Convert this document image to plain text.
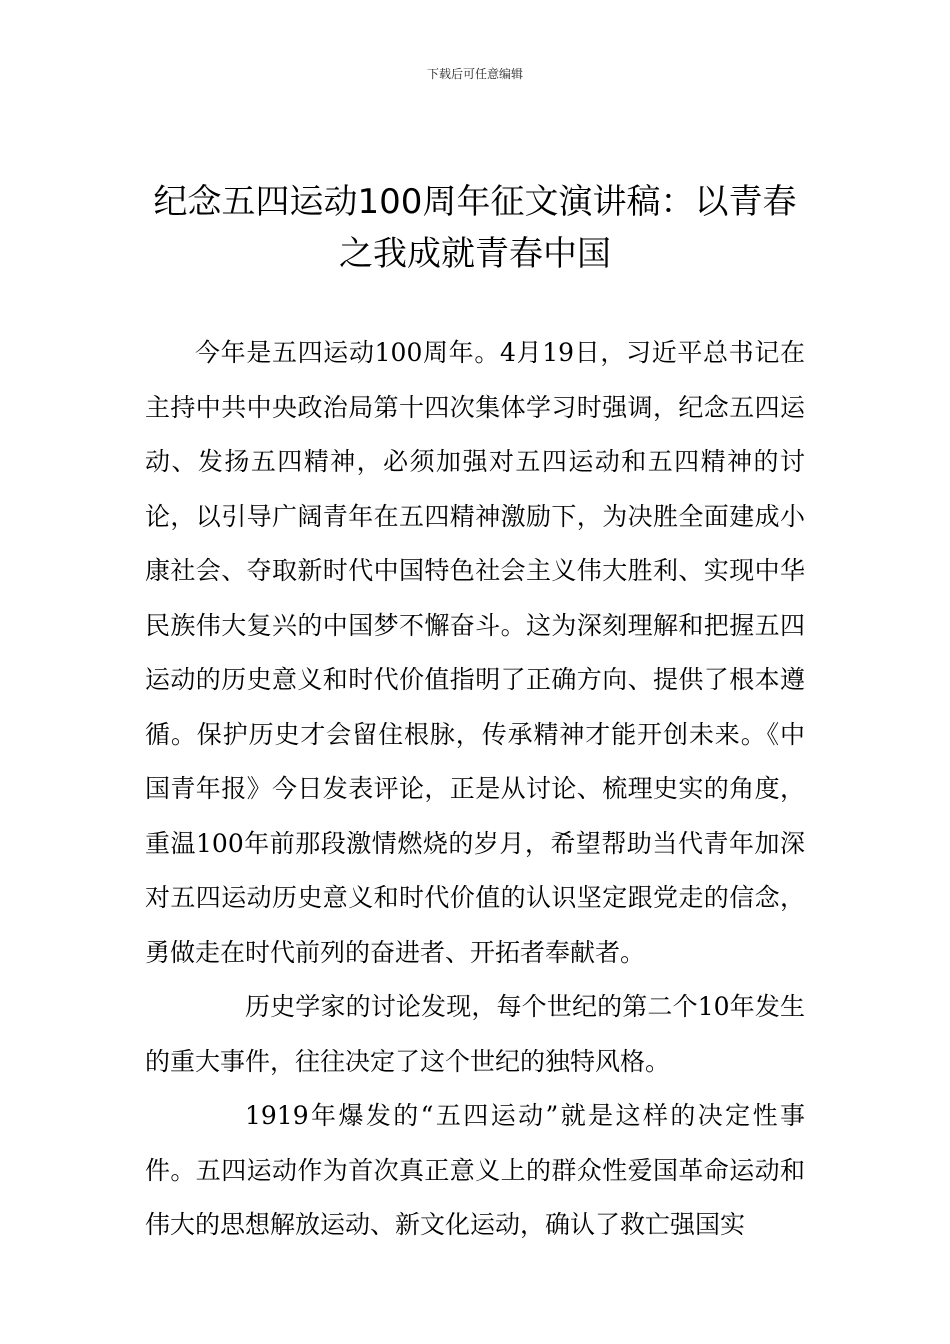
下载后可任意编辑
纪念五四运动100周年征文演讲稿：以青春之我成就青春中国

今年是五四运动100周年。4月19日，习近平总书记在主持中共中央政治局第十四次集体学习时强调，纪念五四运动、发扬五四精神，必须加强对五四运动和五四精神的讨论，以引导广阔青年在五四精神激励下，为决胜全面建成小康社会、夺取新时代中国特色社会主义伟大胜利、实现中华民族伟大复兴的中国梦不懈奋斗。这为深刻理解和把握五四运动的历史意义和时代价值指明了正确方向、提供了根本遵循。保护历史才会留住根脉，传承精神才能开创未来。《中国青年报》今日发表评论，正是从讨论、梳理史实的角度，重温100年前那段激情燃烧的岁月，希望帮助当代青年加深对五四运动历史意义和时代价值的认识坚定跟党走的信念，勇做走在时代前列的奋进者、开拓者奉献者。

历史学家的讨论发现，每个世纪的第二个10年发生的重大事件，往往决定了这个世纪的独特风格。

1919年爆发的“五四运动”就是这样的决定性事件。五四运动作为首次真正意义上的群众性爱国革命运动和伟大的思想解放运动、新文化运动，确认了救亡强国实
